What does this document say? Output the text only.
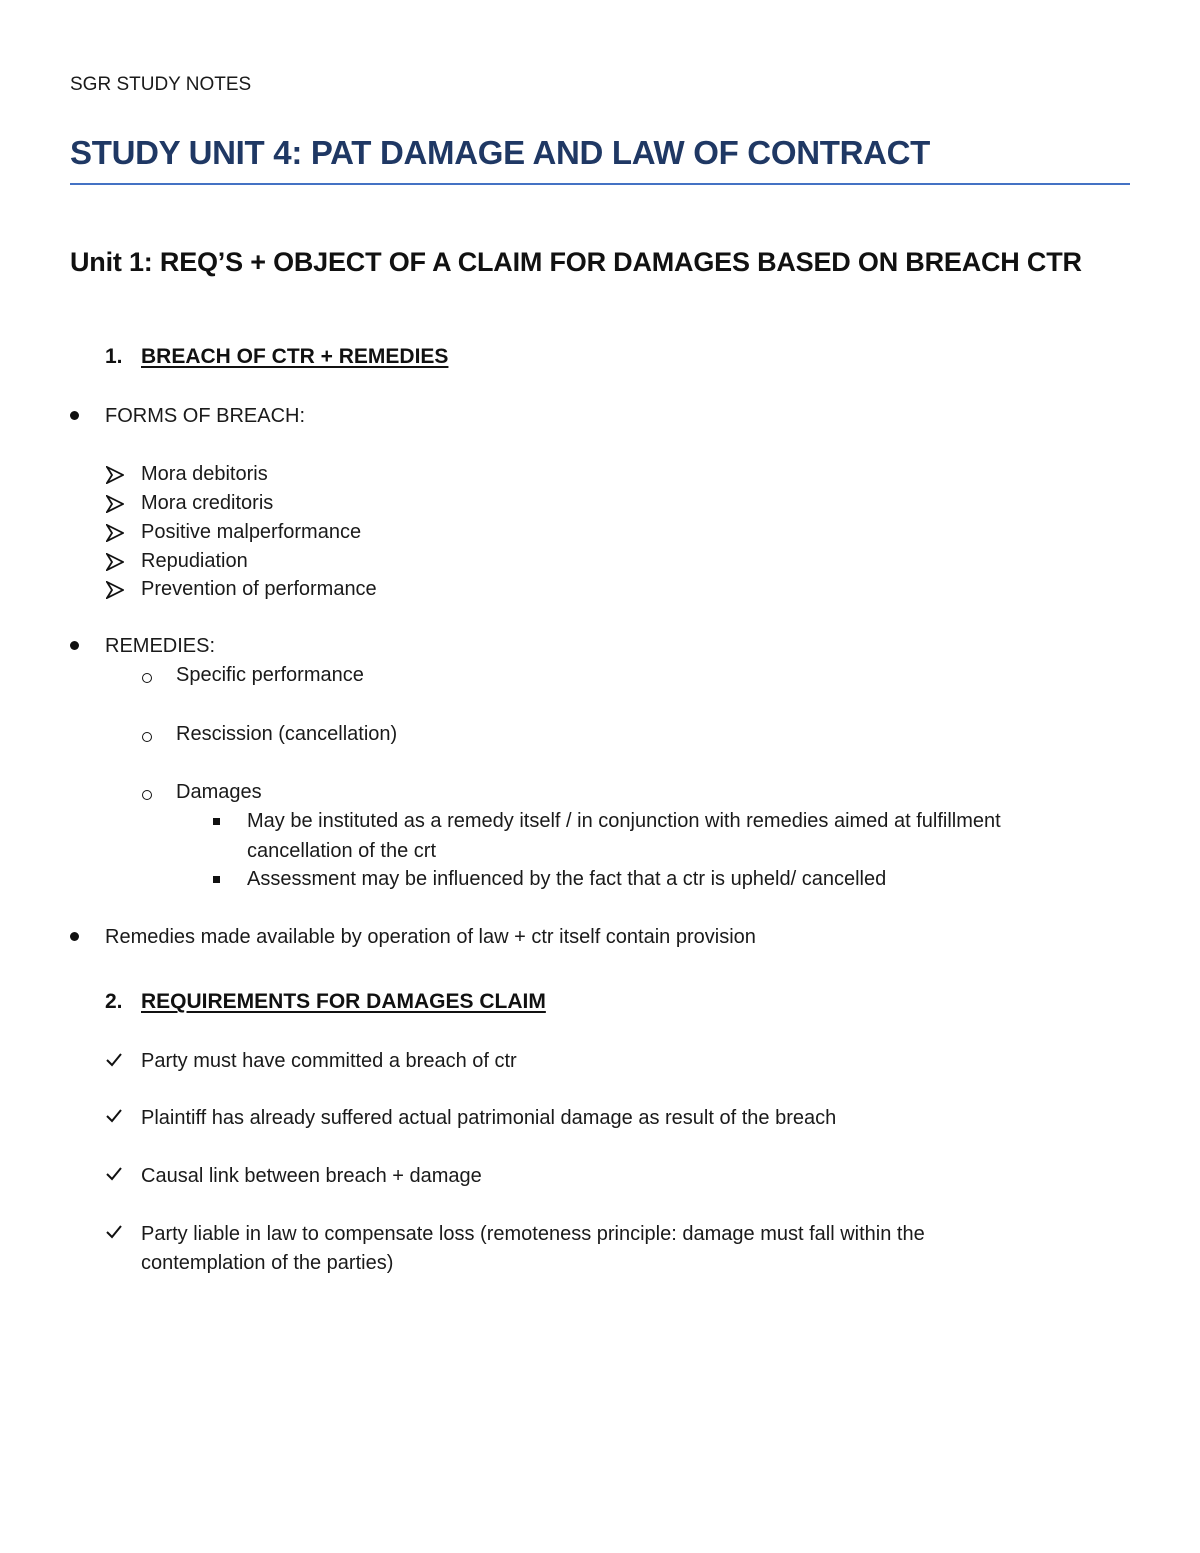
SGR STUDY NOTES
STUDY UNIT 4: PAT DAMAGE AND LAW OF CONTRACT
Unit 1: REQ’S + OBJECT OF A CLAIM FOR DAMAGES BASED ON BREACH CTR
1. BREACH OF CTR + REMEDIES
FORMS OF BREACH:
Mora debitoris
Mora creditoris
Positive malperformance
Repudiation
Prevention of performance
REMEDIES:
Specific performance
Rescission (cancellation)
Damages
May be instituted as a remedy itself / in conjunction with remedies aimed at fulfillment
cancellation of the crt
Assessment may be influenced by the fact that a ctr is upheld/ cancelled
Remedies made available by operation of law + ctr itself contain provision
2. REQUIREMENTS FOR DAMAGES CLAIM
Party must have committed a breach of ctr
Plaintiff has already suffered actual patrimonial damage as result of the breach
Causal link between breach + damage
Party liable in law to compensate loss (remoteness principle: damage must fall within the
contemplation of the parties)
